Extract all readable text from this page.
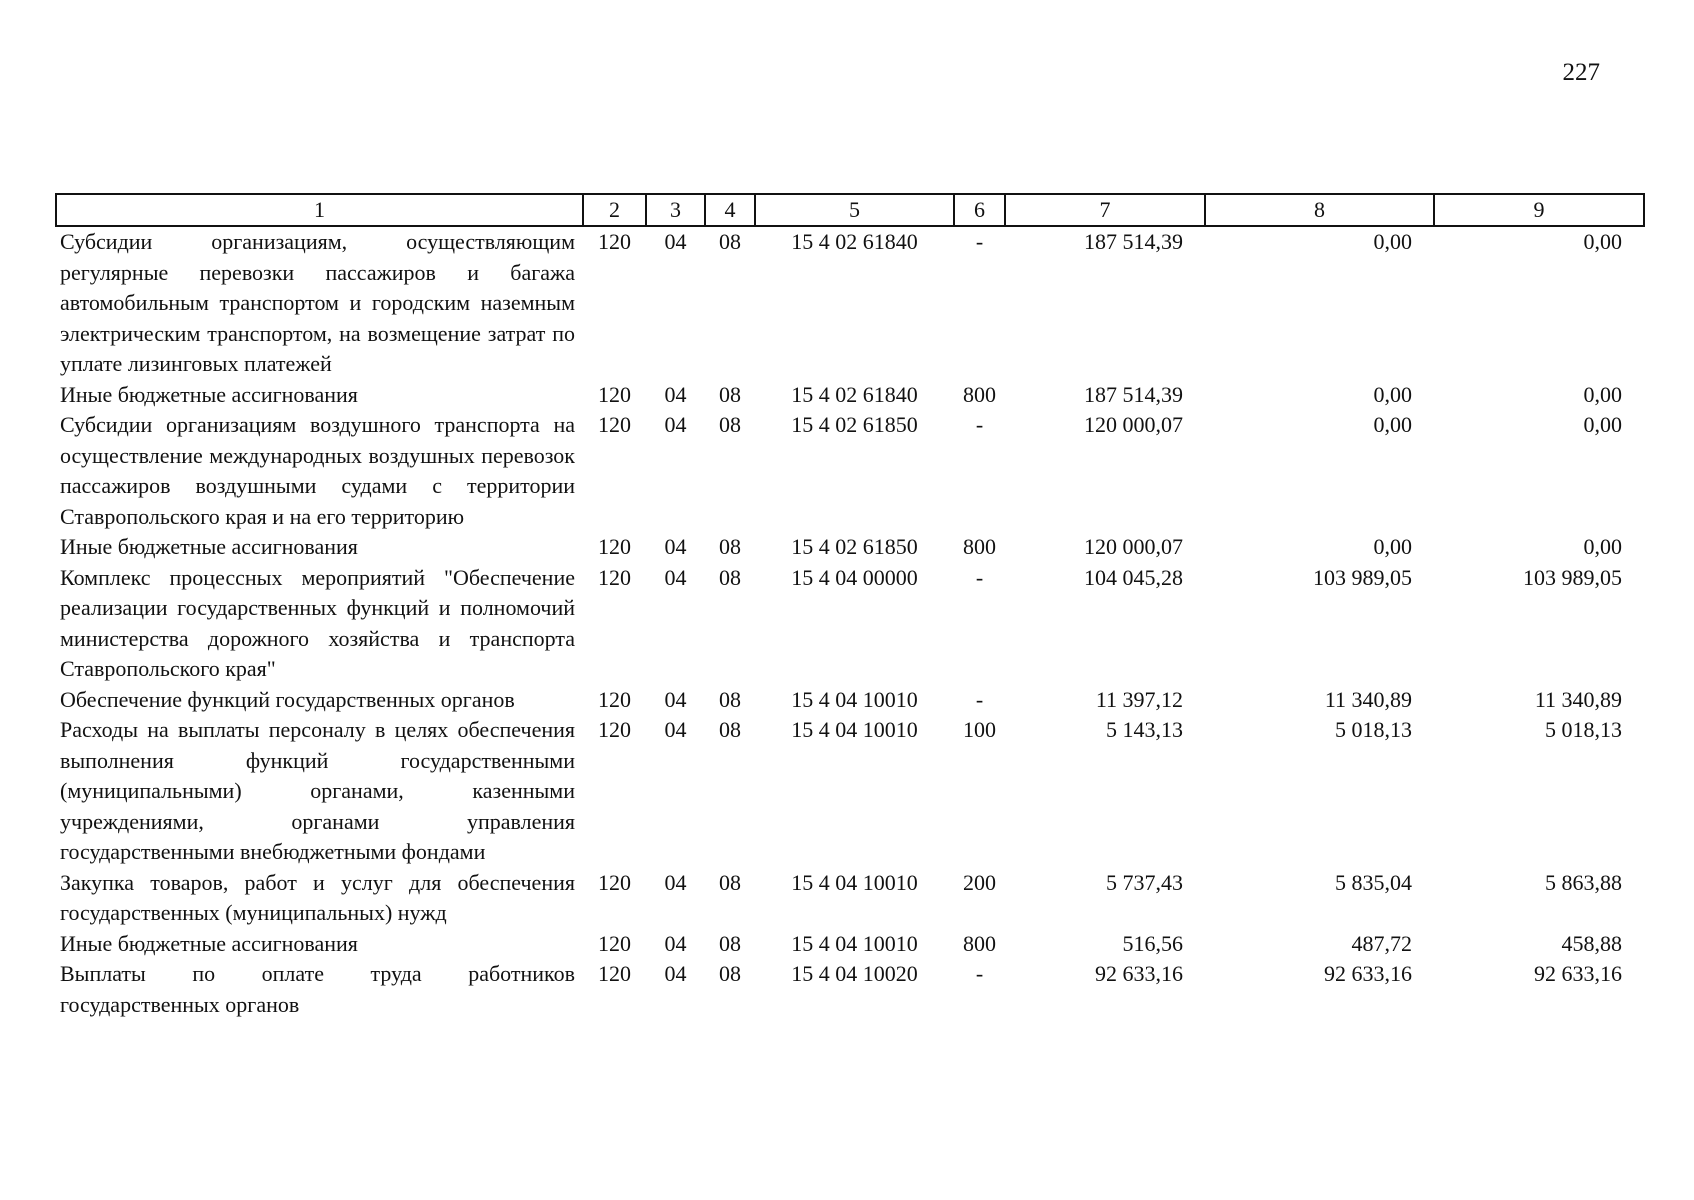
227
1	2	3	4	5	6	7	8	9
Субсидии организациям, осуществляющим регулярные перевозки пассажиров и багажа автомобильным транспортом и городским наземным электрическим транспортом, на возмещение затрат по уплате лизинговых платежей	120	04	08	15 4 02 61840	-	187 514,39	0,00	0,00
Иные бюджетные ассигнования	120	04	08	15 4 02 61840	800	187 514,39	0,00	0,00
Субсидии организациям воздушного транспорта на осуществление международных воздушных перевозок пассажиров воздушными судами с территории Ставропольского края и на его территорию	120	04	08	15 4 02 61850	-	120 000,07	0,00	0,00
Иные бюджетные ассигнования	120	04	08	15 4 02 61850	800	120 000,07	0,00	0,00
Комплекс процессных мероприятий "Обеспечение реализации государственных функций и полномочий министерства дорожного хозяйства и транспорта Ставропольского края"	120	04	08	15 4 04 00000	-	104 045,28	103 989,05	103 989,05
Обеспечение функций государственных органов	120	04	08	15 4 04 10010	-	11 397,12	11 340,89	11 340,89
Расходы на выплаты персоналу в целях обеспечения выполнения функций государственными (муниципальными) органами, казенными учреждениями, органами управления государственными внебюджетными фондами	120	04	08	15 4 04 10010	100	5 143,13	5 018,13	5 018,13
Закупка товаров, работ и услуг для обеспечения государственных (муниципальных) нужд	120	04	08	15 4 04 10010	200	5 737,43	5 835,04	5 863,88
Иные бюджетные ассигнования	120	04	08	15 4 04 10010	800	516,56	487,72	458,88
Выплаты по оплате труда работников государственных органов	120	04	08	15 4 04 10020	-	92 633,16	92 633,16	92 633,16
